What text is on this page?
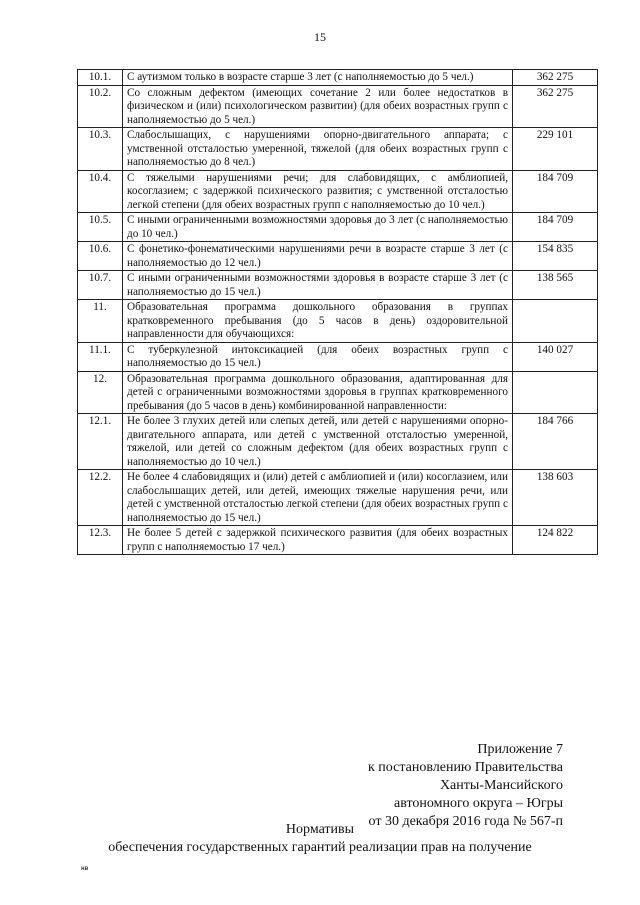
15
10.1.	С аутизмом только в возрасте старше 3 лет (с наполняемостью до 5 чел.)	362 275
10.2.	Со сложным дефектом (имеющих сочетание 2 или более недостатков в физическом и (или) психологическом развитии) (для обеих возрастных групп с наполняемостью до 5 чел.)	362 275
10.3.	Слабослышащих, с нарушениями опорно-двигательного аппарата; с умственной отсталостью умеренной, тяжелой (для обеих возрастных групп с наполняемостью до 8 чел.)	229 101
10.4.	С тяжелыми нарушениями речи; для слабовидящих, с амблиопией, косоглазием; с задержкой психического развития; с умственной отсталостью легкой степени (для обеих возрастных групп с наполняемостью до 10 чел.)	184 709
10.5.	С иными ограниченными возможностями здоровья до 3 лет (с наполняемостью до 10 чел.)	184 709
10.6.	С фонетико-фонематическими нарушениями речи в возрасте старше 3 лет (с наполняемостью до 12 чел.)	154 835
10.7.	С иными ограниченными возможностями здоровья в возрасте старше 3 лет (с наполняемостью до 15 чел.)	138 565
11.	Образовательная программа дошкольного образования в группах кратковременного пребывания (до 5 часов в день) оздоровительной направленности для обучающихся:	
11.1.	С туберкулезной интоксикацией (для обеих возрастных групп с наполняемостью до 15 чел.)	140 027
12.	Образовательная программа дошкольного образования, адаптированная для детей с ограниченными возможностями здоровья в группах кратковременного пребывания (до 5 часов в день) комбинированной направленности:	
12.1.	Не более 3 глухих детей или слепых детей, или детей с нарушениями опорно-двигательного аппарата, или детей с умственной отсталостью умеренной, тяжелой, или детей со сложным дефектом (для обеих возрастных групп с наполняемостью до 10 чел.)	184 766
12.2.	Не более 4 слабовидящих и (или) детей с амблиопией и (или) косоглазием, или слабослышащих детей, или детей, имеющих тяжелые нарушения речи, или детей с умственной отсталостью легкой степени (для обеих возрастных групп с наполняемостью до 15 чел.)	138 603
12.3.	Не более 5 детей с задержкой психического развития (для обеих возрастных групп с наполняемостью 17 чел.)	124 822
Приложение 7
к постановлению Правительства
Ханты-Мансийского
автономного округа – Югры
от 30 декабря 2016 года № 567-п
Нормативы
обеспечения государственных гарантий реализации прав на получение
нв
